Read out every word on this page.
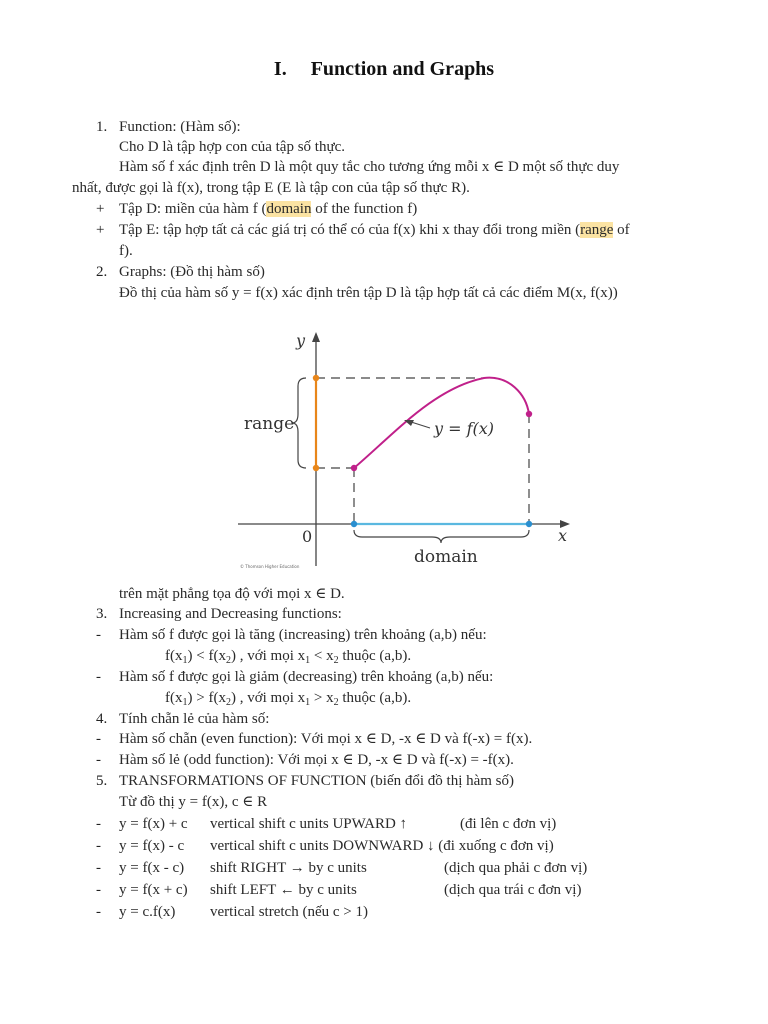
I. Function and Graphs
1. Function: (Hàm số):
Cho D là tập hợp con của tập số thực.
Hàm số f xác định trên D là một quy tắc cho tương ứng mỗi x ∈ D một số thực duy
nhất, được gọi là f(x), trong tập E (E là tập con của tập số thực R).
+ Tập D: miền của hàm f (domain of the function f)
+ Tập E: tập hợp tất cả các giá trị có thể có của f(x) khi x thay đổi trong miền (range of
f).
2. Graphs: (Đồ thị hàm số)
Đồ thị của hàm số y = f(x) xác định trên tập D là tập hợp tất cả các điểm M(x, f(x))
y
x
0
range
domain
y = f(x)
© Thomson Higher Education
trên mặt phẳng tọa độ với mọi x ∈ D.
3. Increasing and Decreasing functions:
- Hàm số f được gọi là tăng (increasing) trên khoảng (a,b) nếu:
$f(x_1) < f(x_2)$ , với mọi $x_1 < x_2$ thuộc (a,b).
- Hàm số f được gọi là giảm (decreasing) trên khoảng (a,b) nếu:
$f(x_1) > f(x_2)$ , với mọi $x_1 > x_2$ thuộc (a,b).
4. Tính chẵn lẻ của hàm số:
- Hàm số chẵn (even function): Với mọi x ∈ D, -x ∈ D và f(-x) = f(x).
- Hàm số lẻ (odd function): Với mọi x ∈ D, -x ∈ D và f(-x) = -f(x).
5. TRANSFORMATIONS OF FUNCTION (biến đổi đồ thị hàm số)
Từ đồ thị y = f(x), c ∈ R
- y = f(x) + c vertical shift c units UPWARD ↑	(đi lên c đơn vị)
- y = f(x) - c vertical shift c units DOWNWARD ↓ (đi xuống c đơn vị)
- y = f(x - c) shift RIGHT → by c units	(dịch qua phải c đơn vị)
- y = f(x + c) shift LEFT ← by c units	(dịch qua trái c đơn vị)
- y = c.f(x) vertical stretch (nếu c > 1)
